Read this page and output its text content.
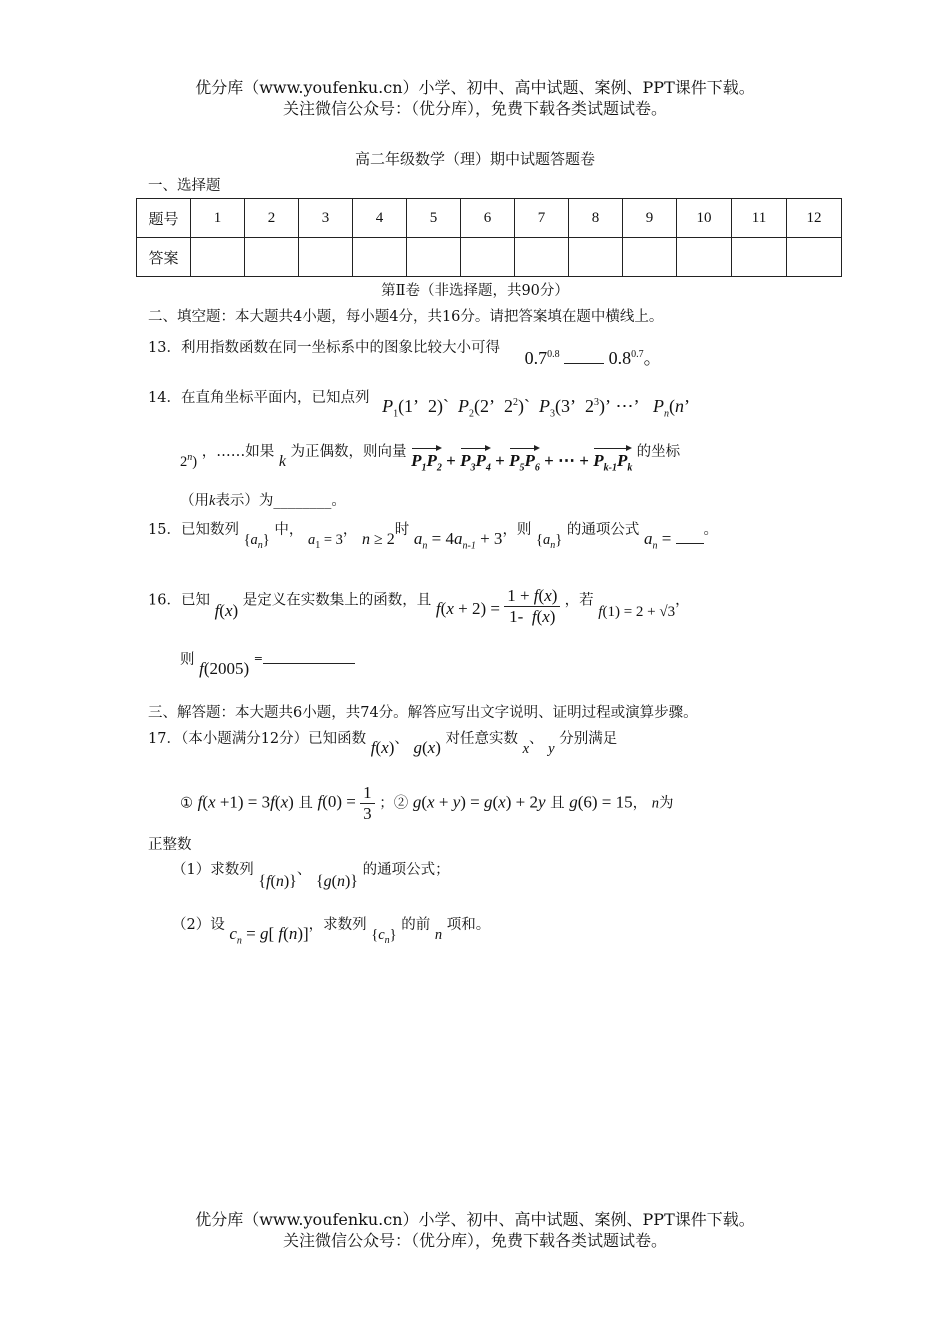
优分库（www.youfenku.cn）小学、初中、高中试题、案例、PPT课件下载。
关注微信公众号：（优分库），免费下载各类试题试卷。
高二年级数学（理）期中试题答题卷
一、选择题
题号	1	2	3	4	5	6	7	8	9	10	11	12
答案												
第Ⅱ卷（非选择题，共90分）
二、填空题：本大题共4小题，每小题4分，共16分。请把答案填在题中横线上。
13．利用指数函数在同一坐标系中的图象比较大小可得 $0.7^{0.8}$	$0.8^{0.7}$。
14．在直角坐标平面内，已知点列 $P_1(1$’  2)`  $P_2(2$’  $2^2)`$  $P_3(3$’  $2^3$)’ ⋯’   $P_n(n$’
2$^n$) ，……如果 k 为正偶数，则向量 $P_1P_2 + P_3P_4 + P_5P_6$ + ⋯ + $P_{k-1}P_k$ 的坐标
（用k表示）为________。
15．已知数列 $\{a_n\}$ 中， $a_1 = 3$， n ≥ 2时 $a_n = 4a_{n-1} + 3$，则 $\{a_n\}$ 的通项公式 $a_n$ = 。
16．已知 f(x) 是定义在实数集上的函数，且 $f(x + 2) = \frac{1 + f(x)}{1- f(x)}$ ，若 f(1) = 2 + √3，
则 f(2005) =
三、解答题：本大题共6小题，共74分。解答应写出文字说明、证明过程或演算步骤。
17．（本小题满分12分）已知函数 f(x)、 g(x) 对任意实数 x、 y 分别满足
① f(x +1) = 3f(x) 且 $f(0) = \frac{1}{3}$ ；② g(x + y) = g(x) + 2y 且 g(6) = 15， n为
正整数
（1）求数列 {f(n)}、 {g(n)} 的通项公式；
（2）设 $c_n = g$[ f(n)]，求数列 $\{c_n\}$ 的前 n 项和。
优分库（www.youfenku.cn）小学、初中、高中试题、案例、PPT课件下载。
关注微信公众号：（优分库），免费下载各类试题试卷。
